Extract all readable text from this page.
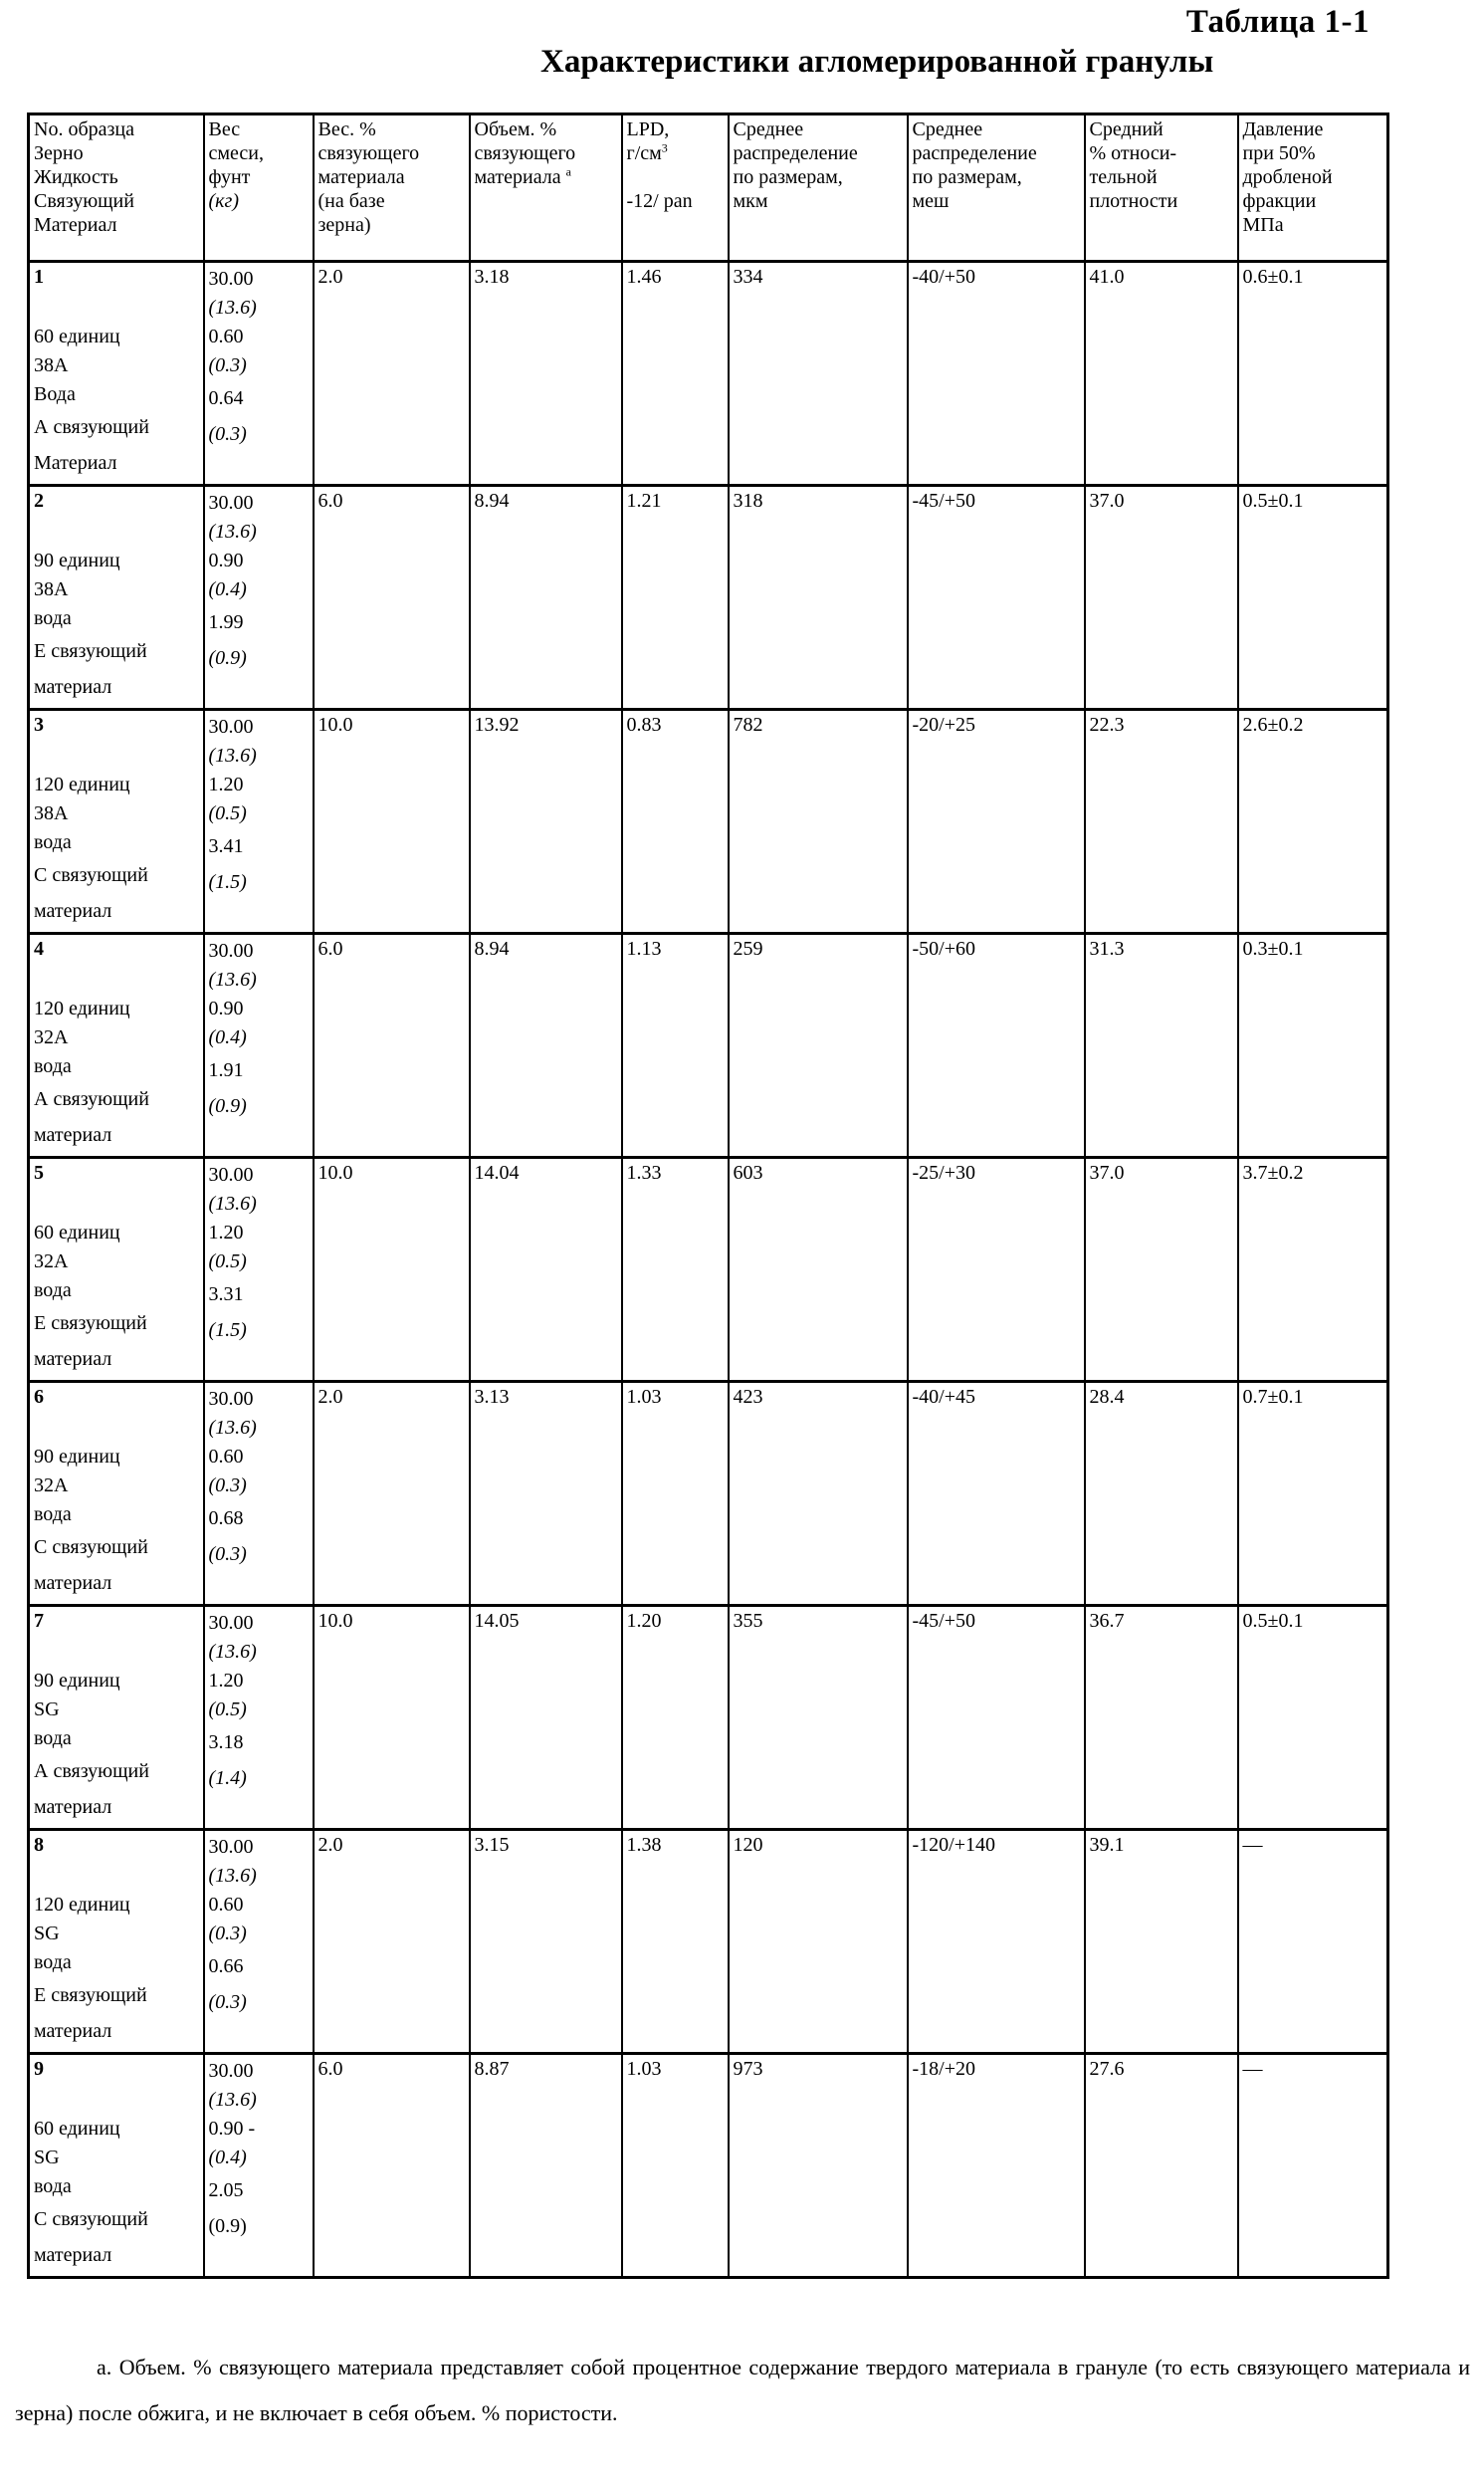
Таблица 1-1
Характеристики агломерированной гранулы
No. образца
Зерно
Жидкость
Связующий
Материал

Вес
смеси,
фунт
(кг)

Вес. %
связующего
материала
(на базе
зерна)

Объем. %
связующего
материала a

LPD,
г/см3

-12/ pan

Среднее
распределение
по размерам,
мкм

Среднее
распределение
по размерам,
меш

Средний
% относи-
тельной
плотности

Давление
при 50%
дробленой
фракции
МПа

1
60 единиц
38A
Вода
А связующий
Материал

30.00
(13.6)
0.60
(0.3)
0.64
(0.3)

2.0	3.18	1.46	334	-40/+50	41.0	0.6±0.1

2
90 единиц
38A
вода
Е связующий
материал

30.00
(13.6)
0.90
(0.4)
1.99
(0.9)

6.0	8.94	1.21	318	-45/+50	37.0	0.5±0.1

3
120 единиц
38A
вода
С связующий
материал

30.00
(13.6)
1.20
(0.5)
3.41
(1.5)

10.0	13.92	0.83	782	-20/+25	22.3	2.6±0.2

4
120 единиц
32A
вода
А связующий
материал

30.00
(13.6)
0.90
(0.4)
1.91
(0.9)

6.0	8.94	1.13	259	-50/+60	31.3	0.3±0.1

5
60 единиц
32A
вода
Е связующий
материал

30.00
(13.6)
1.20
(0.5)
3.31
(1.5)

10.0	14.04	1.33	603	-25/+30	37.0	3.7±0.2

6
90 единиц
32A
вода
С связующий
материал

30.00
(13.6)
0.60
(0.3)
0.68
(0.3)

2.0	3.13	1.03	423	-40/+45	28.4	0.7±0.1

7
90 единиц
SG
вода
А связующий
материал

30.00
(13.6)
1.20
(0.5)
3.18
(1.4)

10.0	14.05	1.20	355	-45/+50	36.7	0.5±0.1

8
120 единиц
SG
вода
Е связующий
материал

30.00
(13.6)
0.60
(0.3)
0.66
(0.3)

2.0	3.15	1.38	120	-120/+140	39.1	—

9
60 единиц
SG
вода
С связующий
материал

30.00
(13.6)
0.90 -
(0.4)
2.05
(0.9)

6.0	8.87	1.03	973	-18/+20	27.6	—
а. Объем. % связующего материала представляет собой процентное содержание твердого материала в грануле (то есть связующего материала и зерна) после обжига, и не включает в себя объем. % пористости.
